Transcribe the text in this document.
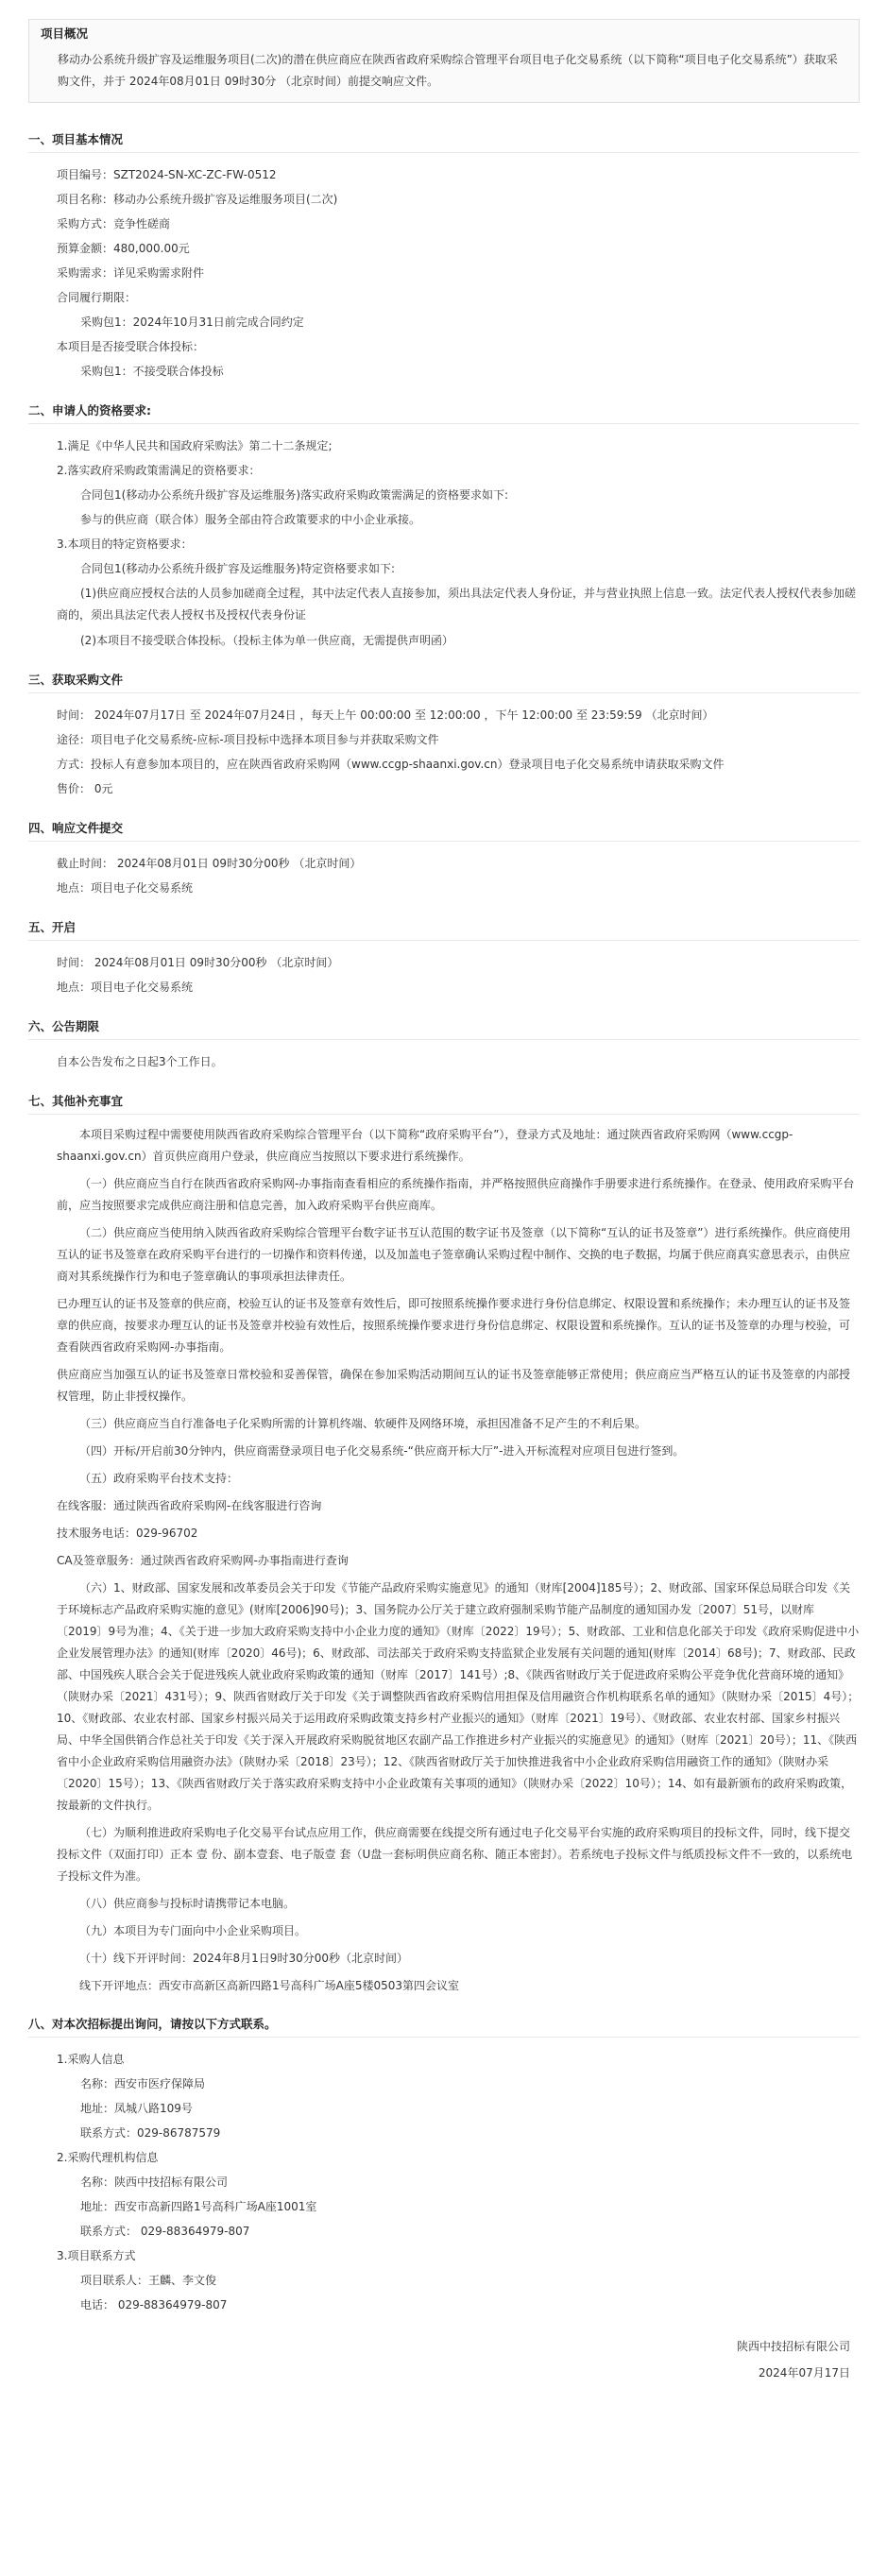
项目概况

移动办公系统升级扩容及运维服务项目(二次)的潜在供应商应在陕西省政府采购综合管理平台项目电子化交易系统（以下简称“项目电子化交易系统”）获取采购文件，并于 2024年08月01日 09时30分 （北京时间）前提交响应文件。

一、项目基本情况
项目编号：SZT2024-SN-XC-ZC-FW-0512
项目名称：移动办公系统升级扩容及运维服务项目(二次)
采购方式：竞争性磋商
预算金额：480,000.00元
采购需求：详见采购需求附件
合同履行期限：
采购包1：2024年10月31日前完成合同约定
本项目是否接受联合体投标：
采购包1：不接受联合体投标
二、申请人的资格要求:
1.满足《中华人民共和国政府采购法》第二十二条规定;
2.落实政府采购政策需满足的资格要求：
合同包1(移动办公系统升级扩容及运维服务)落实政府采购政策需满足的资格要求如下:
参与的供应商（联合体）服务全部由符合政策要求的中小企业承接。
3.本项目的特定资格要求：
合同包1(移动办公系统升级扩容及运维服务)特定资格要求如下:
(1)供应商应授权合法的人员参加磋商全过程，其中法定代表人直接参加，须出具法定代表人身份证，并与营业执照上信息一致。法定代表人授权代表参加磋商的，须出具法定代表人授权书及授权代表身份证
(2)本项目不接受联合体投标。（投标主体为单一供应商，无需提供声明函）
三、获取采购文件
时间： 2024年07月17日 至 2024年07月24日 ，每天上午 00:00:00 至 12:00:00 ，下午 12:00:00 至 23:59:59 （北京时间）
途径：项目电子化交易系统-应标-项目投标中选择本项目参与并获取采购文件
方式：投标人有意参加本项目的，应在陕西省政府采购网（www.ccgp-shaanxi.gov.cn）登录项目电子化交易系统申请获取采购文件
售价： 0元
四、响应文件提交
截止时间： 2024年08月01日 09时30分00秒 （北京时间）
地点：项目电子化交易系统
五、开启
时间： 2024年08月01日 09时30分00秒 （北京时间）
地点：项目电子化交易系统
六、公告期限
自本公告发布之日起3个工作日。
七、其他补充事宜

本项目采购过程中需要使用陕西省政府采购综合管理平台（以下简称“政府采购平台”），登录方式及地址：通过陕西省政府采购网（www.ccgp-shaanxi.gov.cn）首页供应商用户登录，供应商应当按照以下要求进行系统操作。

（一）供应商应当自行在陕西省政府采购网-办事指南查看相应的系统操作指南，并严格按照供应商操作手册要求进行系统操作。在登录、使用政府采购平台前，应当按照要求完成供应商注册和信息完善，加入政府采购平台供应商库。

（二）供应商应当使用纳入陕西省政府采购综合管理平台数字证书互认范围的数字证书及签章（以下简称“互认的证书及签章”）进行系统操作。供应商使用互认的证书及签章在政府采购平台进行的一切操作和资料传递，以及加盖电子签章确认采购过程中制作、交换的电子数据，均属于供应商真实意思表示，由供应商对其系统操作行为和电子签章确认的事项承担法律责任。

已办理互认的证书及签章的供应商，校验互认的证书及签章有效性后，即可按照系统操作要求进行身份信息绑定、权限设置和系统操作；未办理互认的证书及签章的供应商，按要求办理互认的证书及签章并校验有效性后，按照系统操作要求进行身份信息绑定、权限设置和系统操作。互认的证书及签章的办理与校验，可查看陕西省政府采购网-办事指南。

供应商应当加强互认的证书及签章日常校验和妥善保管，确保在参加采购活动期间互认的证书及签章能够正常使用；供应商应当严格互认的证书及签章的内部授权管理，防止非授权操作。

（三）供应商应当自行准备电子化采购所需的计算机终端、软硬件及网络环境，承担因准备不足产生的不利后果。

（四）开标/开启前30分钟内，供应商需登录项目电子化交易系统-“供应商开标大厅”-进入开标流程对应项目包进行签到。

（五）政府采购平台技术支持：

在线客服：通过陕西省政府采购网-在线客服进行咨询

技术服务电话：029-96702

CA及签章服务：通过陕西省政府采购网-办事指南进行查询

（六）1、财政部、国家发展和改革委员会关于印发《节能产品政府采购实施意见》的通知（财库[2004]185号）；2、财政部、国家环保总局联合印发《关于环境标志产品政府采购实施的意见》(财库[2006]90号)；3、国务院办公厅关于建立政府强制采购节能产品制度的通知国办发〔2007〕51号，以财库〔2019〕9号为准；4、《关于进一步加大政府采购支持中小企业力度的通知》（财库〔2022〕19号）；5、财政部、工业和信息化部关于印发《政府采购促进中小企业发展管理办法》的通知(财库〔2020〕46号)；6、财政部、司法部关于政府采购支持监狱企业发展有关问题的通知(财库〔2014〕68号)；7、财政部、民政部、中国残疾人联合会关于促进残疾人就业政府采购政策的通知（财库〔2017〕141号）;8、《陕西省财政厅关于促进政府采购公平竞争优化营商环境的通知》（陕财办采〔2021〕431号）；9、陕西省财政厅关于印发《关于调整陕西省政府采购信用担保及信用融资合作机构联系名单的通知》（陕财办采〔2015〕4号）；10、《财政部、农业农村部、国家乡村振兴局关于运用政府采购政策支持乡村产业振兴的通知》（财库〔2021〕19号）、《财政部、农业农村部、国家乡村振兴局、中华全国供销合作总社关于印发《关于深入开展政府采购脱贫地区农副产品工作推进乡村产业振兴的实施意见》的通知》（财库〔2021〕20号）；11、《陕西省中小企业政府采购信用融资办法》（陕财办采〔2018〕23号）；12、《陕西省财政厅关于加快推进我省中小企业政府采购信用融资工作的通知》（陕财办采〔2020〕15号）；13、《陕西省财政厅关于落实政府采购支持中小企业政策有关事项的通知》（陕财办采〔2022〕10号）；14、如有最新颁布的政府采购政策，按最新的文件执行。

（七）为顺利推进政府采购电子化交易平台试点应用工作，供应商需要在线提交所有通过电子化交易平台实施的政府采购项目的投标文件，同时，线下提交投标文件（双面打印）正本 壹 份、副本壹套、电子版壹 套（U盘一套标明供应商名称、随正本密封）。若系统电子投标文件与纸质投标文件不一致的，以系统电子投标文件为准。

（八）供应商参与投标时请携带记本电脑。

（九）本项目为专门面向中小企业采购项目。

（十）线下开评时间：2024年8月1日9时30分00秒（北京时间）

线下开评地点：西安市高新区高新四路1号高科广场A座5楼0503第四会议室

八、对本次招标提出询问，请按以下方式联系。
1.采购人信息
名称：西安市医疗保障局
地址：凤城八路109号
联系方式：029-86787579
2.采购代理机构信息
名称：陕西中技招标有限公司
地址：西安市高新四路1号高科广场A座1001室
联系方式： 029-88364979-807
3.项目联系方式
项目联系人：王麟、李文俊
电话： 029-88364979-807
陕西中技招标有限公司
2024年07月17日
